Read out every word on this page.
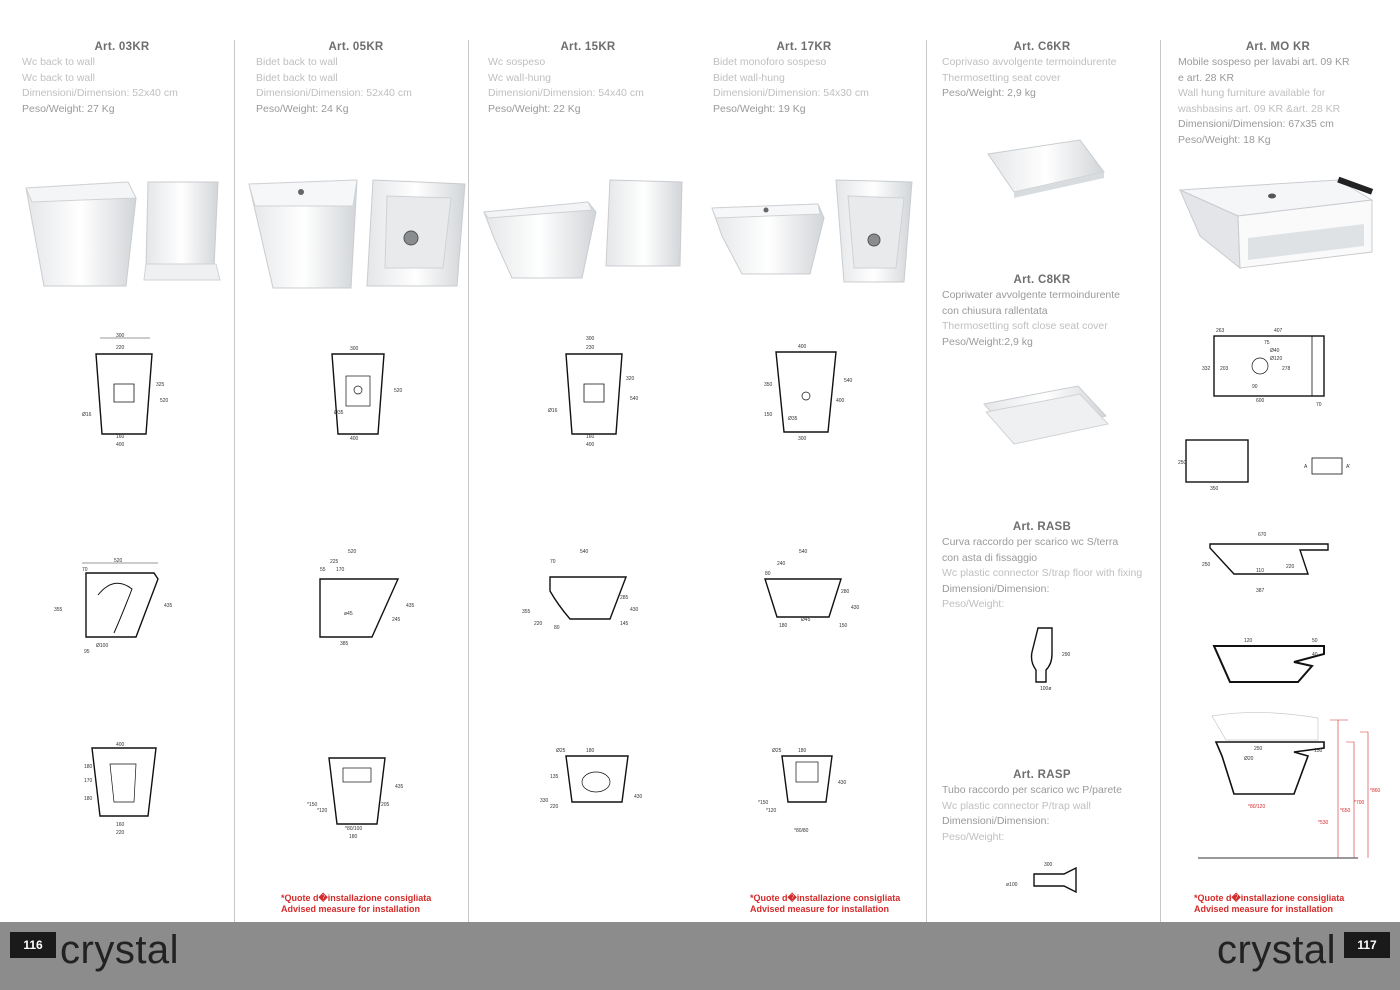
Art. 03KR
Wc back to wall
Wc back to wall
Dimensioni/Dimension: 52x40 cm
Peso/Weight: 27 Kg
Art. 05KR
Bidet back to wall
Bidet back to wall
Dimensioni/Dimension: 52x40 cm
Peso/Weight: 24 Kg
Art. 15KR
Wc sospeso
Wc wall-hung
Dimensioni/Dimension: 54x40 cm
Peso/Weight: 22 Kg
Art. 17KR
Bidet monoforo sospeso
Bidet wall-hung
Dimensioni/Dimension: 54x30 cm
Peso/Weight: 19 Kg
Art. C6KR
Coprivaso avvolgente termoindurente
Thermosetting seat cover
Peso/Weight: 2,9 kg
Art. C8KR
Copriwater avvolgente termoindurente
con chiusura rallentata
Thermosetting soft close seat cover
Peso/Weight:2,9 kg
Art. RASB
Curva raccordo per scarico wc S/terra
con asta di fissaggio
Wc plastic connector S/trap floor with fixing
Dimensioni/Dimension:
Peso/Weight:
Art. RASP
Tubo raccordo per scarico wc P/parete
Wc plastic connector P/trap wall
Dimensioni/Dimension:
Peso/Weight:
Art. MO KR
Mobile sospeso per lavabi art. 09 KR
e art. 28 KR
Wall hung furniture available for
washbasins art. 09 KR &art. 28 KR
Dimensioni/Dimension: 67x35 cm
Peso/Weight: 18 Kg
300
220
325
520
Ø16
160
400
520
70
355
Ø100
95
435
400
180
170
180
160
220
300
520
Ø35
400
520
225
55 170
ø45
385
245
435
*150
*120
*80/100
180
205
435
300
230
320
540
Ø16
160
400
540
70
355
220
80
285
145
430
Ø25	180
135
330
220
430
400
350
150
540
400
Ø35
300
540
240
80
180
Ø45
280
150
430
Ø25	180
*150
*120
*80/80
430
290
100ø
300
ø100
263	407
75
Ø40
Ø120
203	278
332
90
600
70
250
350
A	A'
670
250
110
220
387
120	50
40
250
Ø20
*80/120
150
*530
*650
*700
*860
*Quote d�installazione consigliata
Advised measure for installation
*Quote d�installazione consigliata
Advised measure for installation
*Quote d�installazione consigliata
Advised measure for installation
116	117
crystal	crystal
